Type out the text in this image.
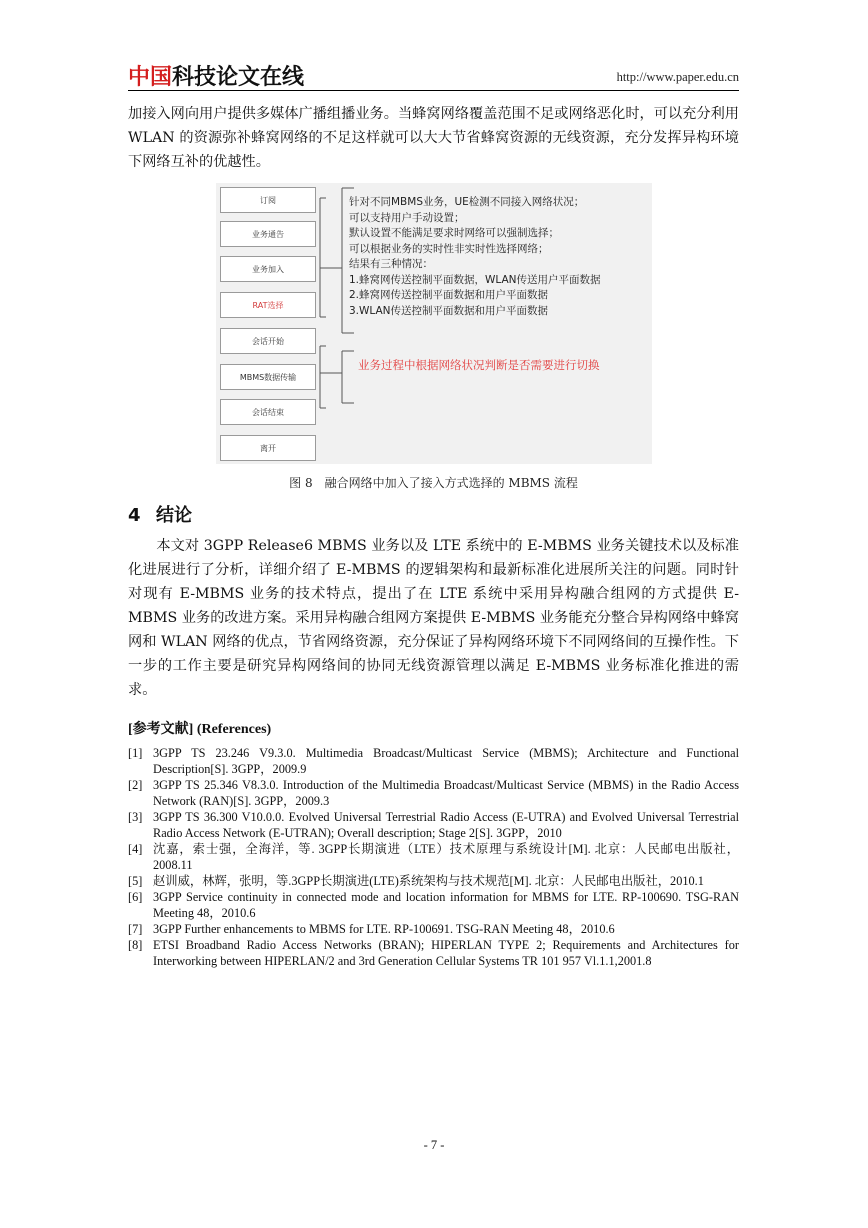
中国科技论文在线	http://www.paper.edu.cn
加接入网向用户提供多媒体广播组播业务。当蜂窝网络覆盖范围不足或网络恶化时，可以充分利用 WLAN 的资源弥补蜂窝网络的不足这样就可以大大节省蜂窝资源的无线资源，充分发挥异构环境下网络互补的优越性。
订阅
业务通告
业务加入
RAT选择
会话开始
MBMS数据传输
会话结束
离开
针对不同MBMS业务，UE检测不同接入网络状况；
可以支持用户手动设置；
默认设置不能满足要求时网络可以强制选择；
可以根据业务的实时性非实时性选择网络；
结果有三种情况：
1.蜂窝网传送控制平面数据，WLAN传送用户平面数据
2.蜂窝网传送控制平面数据和用户平面数据
3.WLAN传送控制平面数据和用户平面数据
业务过程中根据网络状况判断是否需要进行切换
图 8　融合网络中加入了接入方式选择的 MBMS 流程
4 结论
本文对 3GPP Release6 MBMS 业务以及 LTE 系统中的 E-MBMS 业务关键技术以及标准化进展进行了分析，详细介绍了 E-MBMS 的逻辑架构和最新标准化进展所关注的问题。同时针对现有 E-MBMS 业务的技术特点，提出了在 LTE 系统中采用异构融合组网的方式提供 E-MBMS 业务的改进方案。采用异构融合组网方案提供 E-MBMS 业务能充分整合异构网络中蜂窝网和 WLAN 网络的优点，节省网络资源，充分保证了异构网络环境下不同网络间的互操作性。下一步的工作主要是研究异构网络间的协同无线资源管理以满足 E-MBMS 业务标准化推进的需求。
[参考文献] (References)
[1] 3GPP TS 23.246 V9.3.0. Multimedia Broadcast/Multicast Service (MBMS); Architecture and Functional Description[S]. 3GPP，2009.9
[2] 3GPP TS 25.346 V8.3.0. Introduction of the Multimedia Broadcast/Multicast Service (MBMS) in the Radio Access Network (RAN)[S]. 3GPP，2009.3
[3] 3GPP TS 36.300 V10.0.0. Evolved Universal Terrestrial Radio Access (E-UTRA) and Evolved Universal Terrestrial Radio Access Network (E-UTRAN); Overall description; Stage 2[S]. 3GPP，2010
[4] 沈嘉，索士强，全海洋，等. 3GPP长期演进（LTE）技术原理与系统设计[M]. 北京：人民邮电出版社，2008.11
[5] 赵训威，林辉，张明，等.3GPP长期演进(LTE)系统架构与技术规范[M]. 北京：人民邮电出版社，2010.1
[6] 3GPP Service continuity in connected mode and location information for MBMS for LTE. RP-100690. TSG-RAN Meeting 48，2010.6
[7] 3GPP Further enhancements to MBMS for LTE. RP-100691. TSG-RAN Meeting 48，2010.6
[8] ETSI Broadband Radio Access Networks (BRAN); HIPERLAN TYPE 2; Requirements and Architectures for Interworking between HIPERLAN/2 and 3rd Generation Cellular Systems TR 101 957 Vl.1.1,2001.8
- 7 -
